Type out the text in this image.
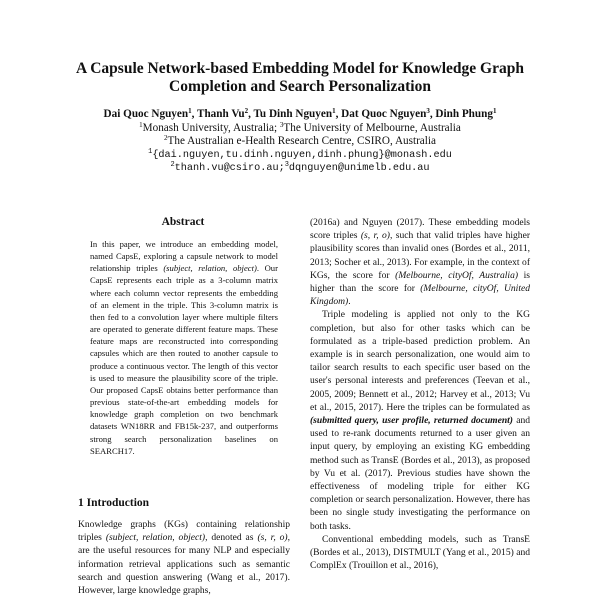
A Capsule Network-based Embedding Model for Knowledge Graph
Completion and Search Personalization
Dai Quoc Nguyen$^1$, Thanh Vu$^2$, Tu Dinh Nguyen$^1$, Dat Quoc Nguyen$^3$, Dinh Phung$^1$
$^1$Monash University, Australia; $^3$The University of Melbourne, Australia
$^2$The Australian e-Health Research Centre, CSIRO, Australia
$^1${dai.nguyen,tu.dinh.nguyen,dinh.phung}@monash.edu
$^2$thanh.vu@csiro.au;$^3$dqnguyen@unimelb.edu.au
Abstract
In this paper, we introduce an embedding model, named CapsE, exploring a capsule network to model relationship triples (subject, relation, object). Our CapsE represents each triple as a 3-column matrix where each column vector represents the embedding of an element in the triple. This 3-column matrix is then fed to a convolution layer where multiple filters are operated to generate different feature maps. These feature maps are reconstructed into corresponding capsules which are then routed to another capsule to produce a continuous vector. The length of this vector is used to measure the plausibility score of the triple. Our proposed CapsE obtains better performance than previous state-of-the-art embedding models for knowledge graph completion on two benchmark datasets WN18RR and FB15k-237, and outperforms strong search personalization baselines on SEARCH17.
1 Introduction

Knowledge graphs (KGs) containing relationship triples (subject, relation, object), denoted as (s, r, o), are the useful resources for many NLP and especially information retrieval applications such as semantic search and question answering (Wang et al., 2017). However, large knowledge graphs,

(2016a) and Nguyen (2017). These embedding models score triples (s, r, o), such that valid triples have higher plausibility scores than invalid ones (Bordes et al., 2011, 2013; Socher et al., 2013). For example, in the context of KGs, the score for (Melbourne, cityOf, Australia) is higher than the score for (Melbourne, cityOf, United Kingdom).

Triple modeling is applied not only to the KG completion, but also for other tasks which can be formulated as a triple-based prediction problem. An example is in search personalization, one would aim to tailor search results to each specific user based on the user's personal interests and preferences (Teevan et al., 2005, 2009; Bennett et al., 2012; Harvey et al., 2013; Vu et al., 2015, 2017). Here the triples can be formulated as (submitted query, user profile, returned document) and used to re-rank documents returned to a user given an input query, by employing an existing KG embedding method such as TransE (Bordes et al., 2013), as proposed by Vu et al. (2017). Previous studies have shown the effectiveness of modeling triple for either KG completion or search personalization. However, there has been no single study investigating the performance on both tasks.

Conventional embedding models, such as TransE (Bordes et al., 2013), DISTMULT (Yang et al., 2015) and ComplEx (Trouillon et al., 2016),
